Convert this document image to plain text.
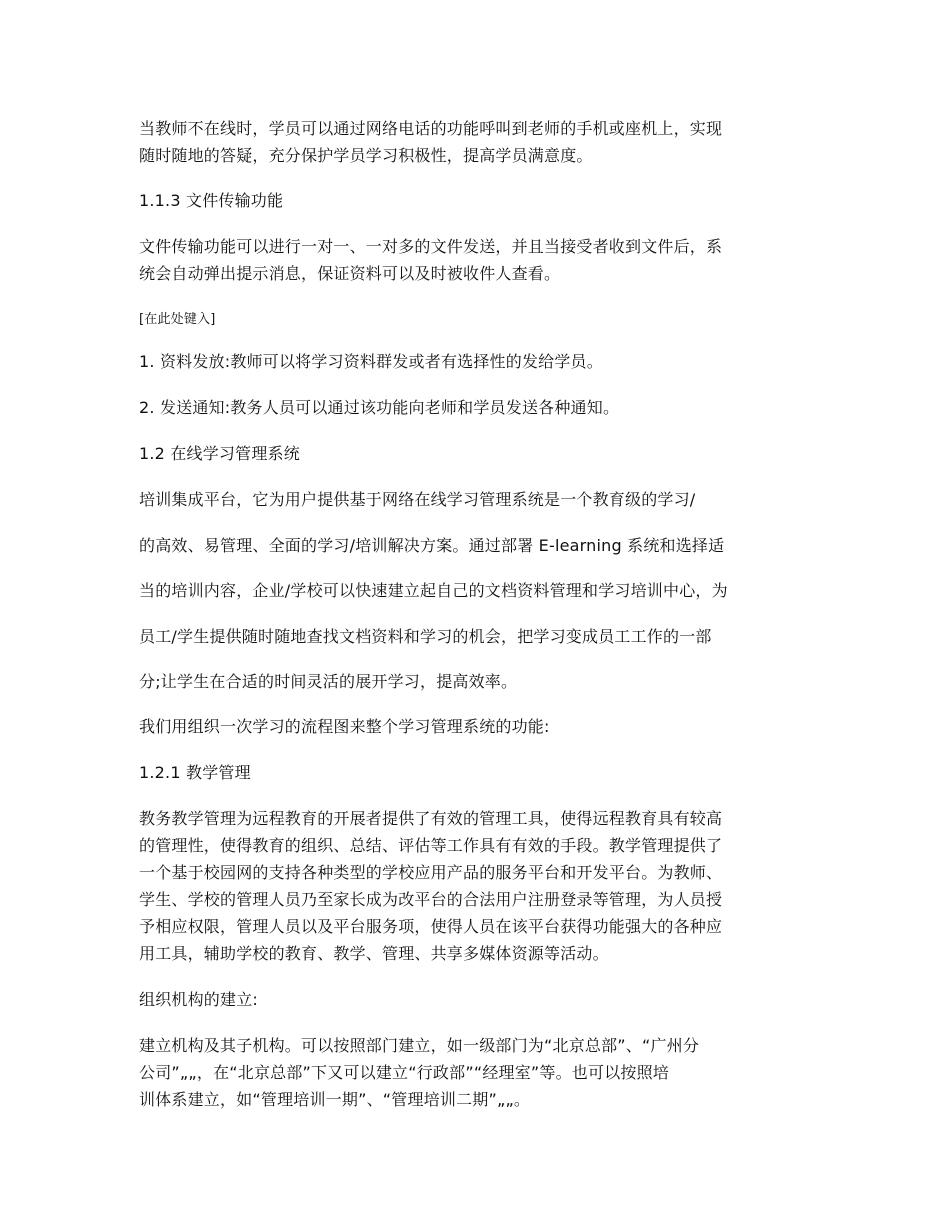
当教师不在线时，学员可以通过网络电话的功能呼叫到老师的手机或座机上，实现
随时随地的答疑，充分保护学员学习积极性，提高学员满意度。
1.1.3 文件传输功能
文件传输功能可以进行一对一、一对多的文件发送，并且当接受者收到文件后，系
统会自动弹出提示消息，保证资料可以及时被收件人查看。
[在此处键入]
1. 资料发放:教师可以将学习资料群发或者有选择性的发给学员。
2. 发送通知:教务人员可以通过该功能向老师和学员发送各种通知。
1.2 在线学习管理系统
培训集成平台，它为用户提供基于网络在线学习管理系统是一个教育级的学习/
的高效、易管理、全面的学习/培训解决方案。通过部署 E-learning 系统和选择适
当的培训内容，企业/学校可以快速建立起自己的文档资料管理和学习培训中心，为
员工/学生提供随时随地查找文档资料和学习的机会，把学习变成员工工作的一部
分;让学生在合适的时间灵活的展开学习，提高效率。
我们用组织一次学习的流程图来整个学习管理系统的功能:
1.2.1 教学管理
教务教学管理为远程教育的开展者提供了有效的管理工具，使得远程教育具有较高
的管理性，使得教育的组织、总结、评估等工作具有有效的手段。教学管理提供了
一个基于校园网的支持各种类型的学校应用产品的服务平台和开发平台。为教师、
学生、学校的管理人员乃至家长成为改平台的合法用户注册登录等管理，为人员授
予相应权限，管理人员以及平台服务项，使得人员在该平台获得功能强大的各种应
用工具，辅助学校的教育、教学、管理、共享多媒体资源等活动。
组织机构的建立:
建立机构及其子机构。可以按照部门建立，如一级部门为“北京总部”、“广州分
公司”„„，在“北京总部”下又可以建立“行政部”“经理室”等。也可以按照培
训体系建立，如“管理培训一期”、“管理培训二期”„„。
